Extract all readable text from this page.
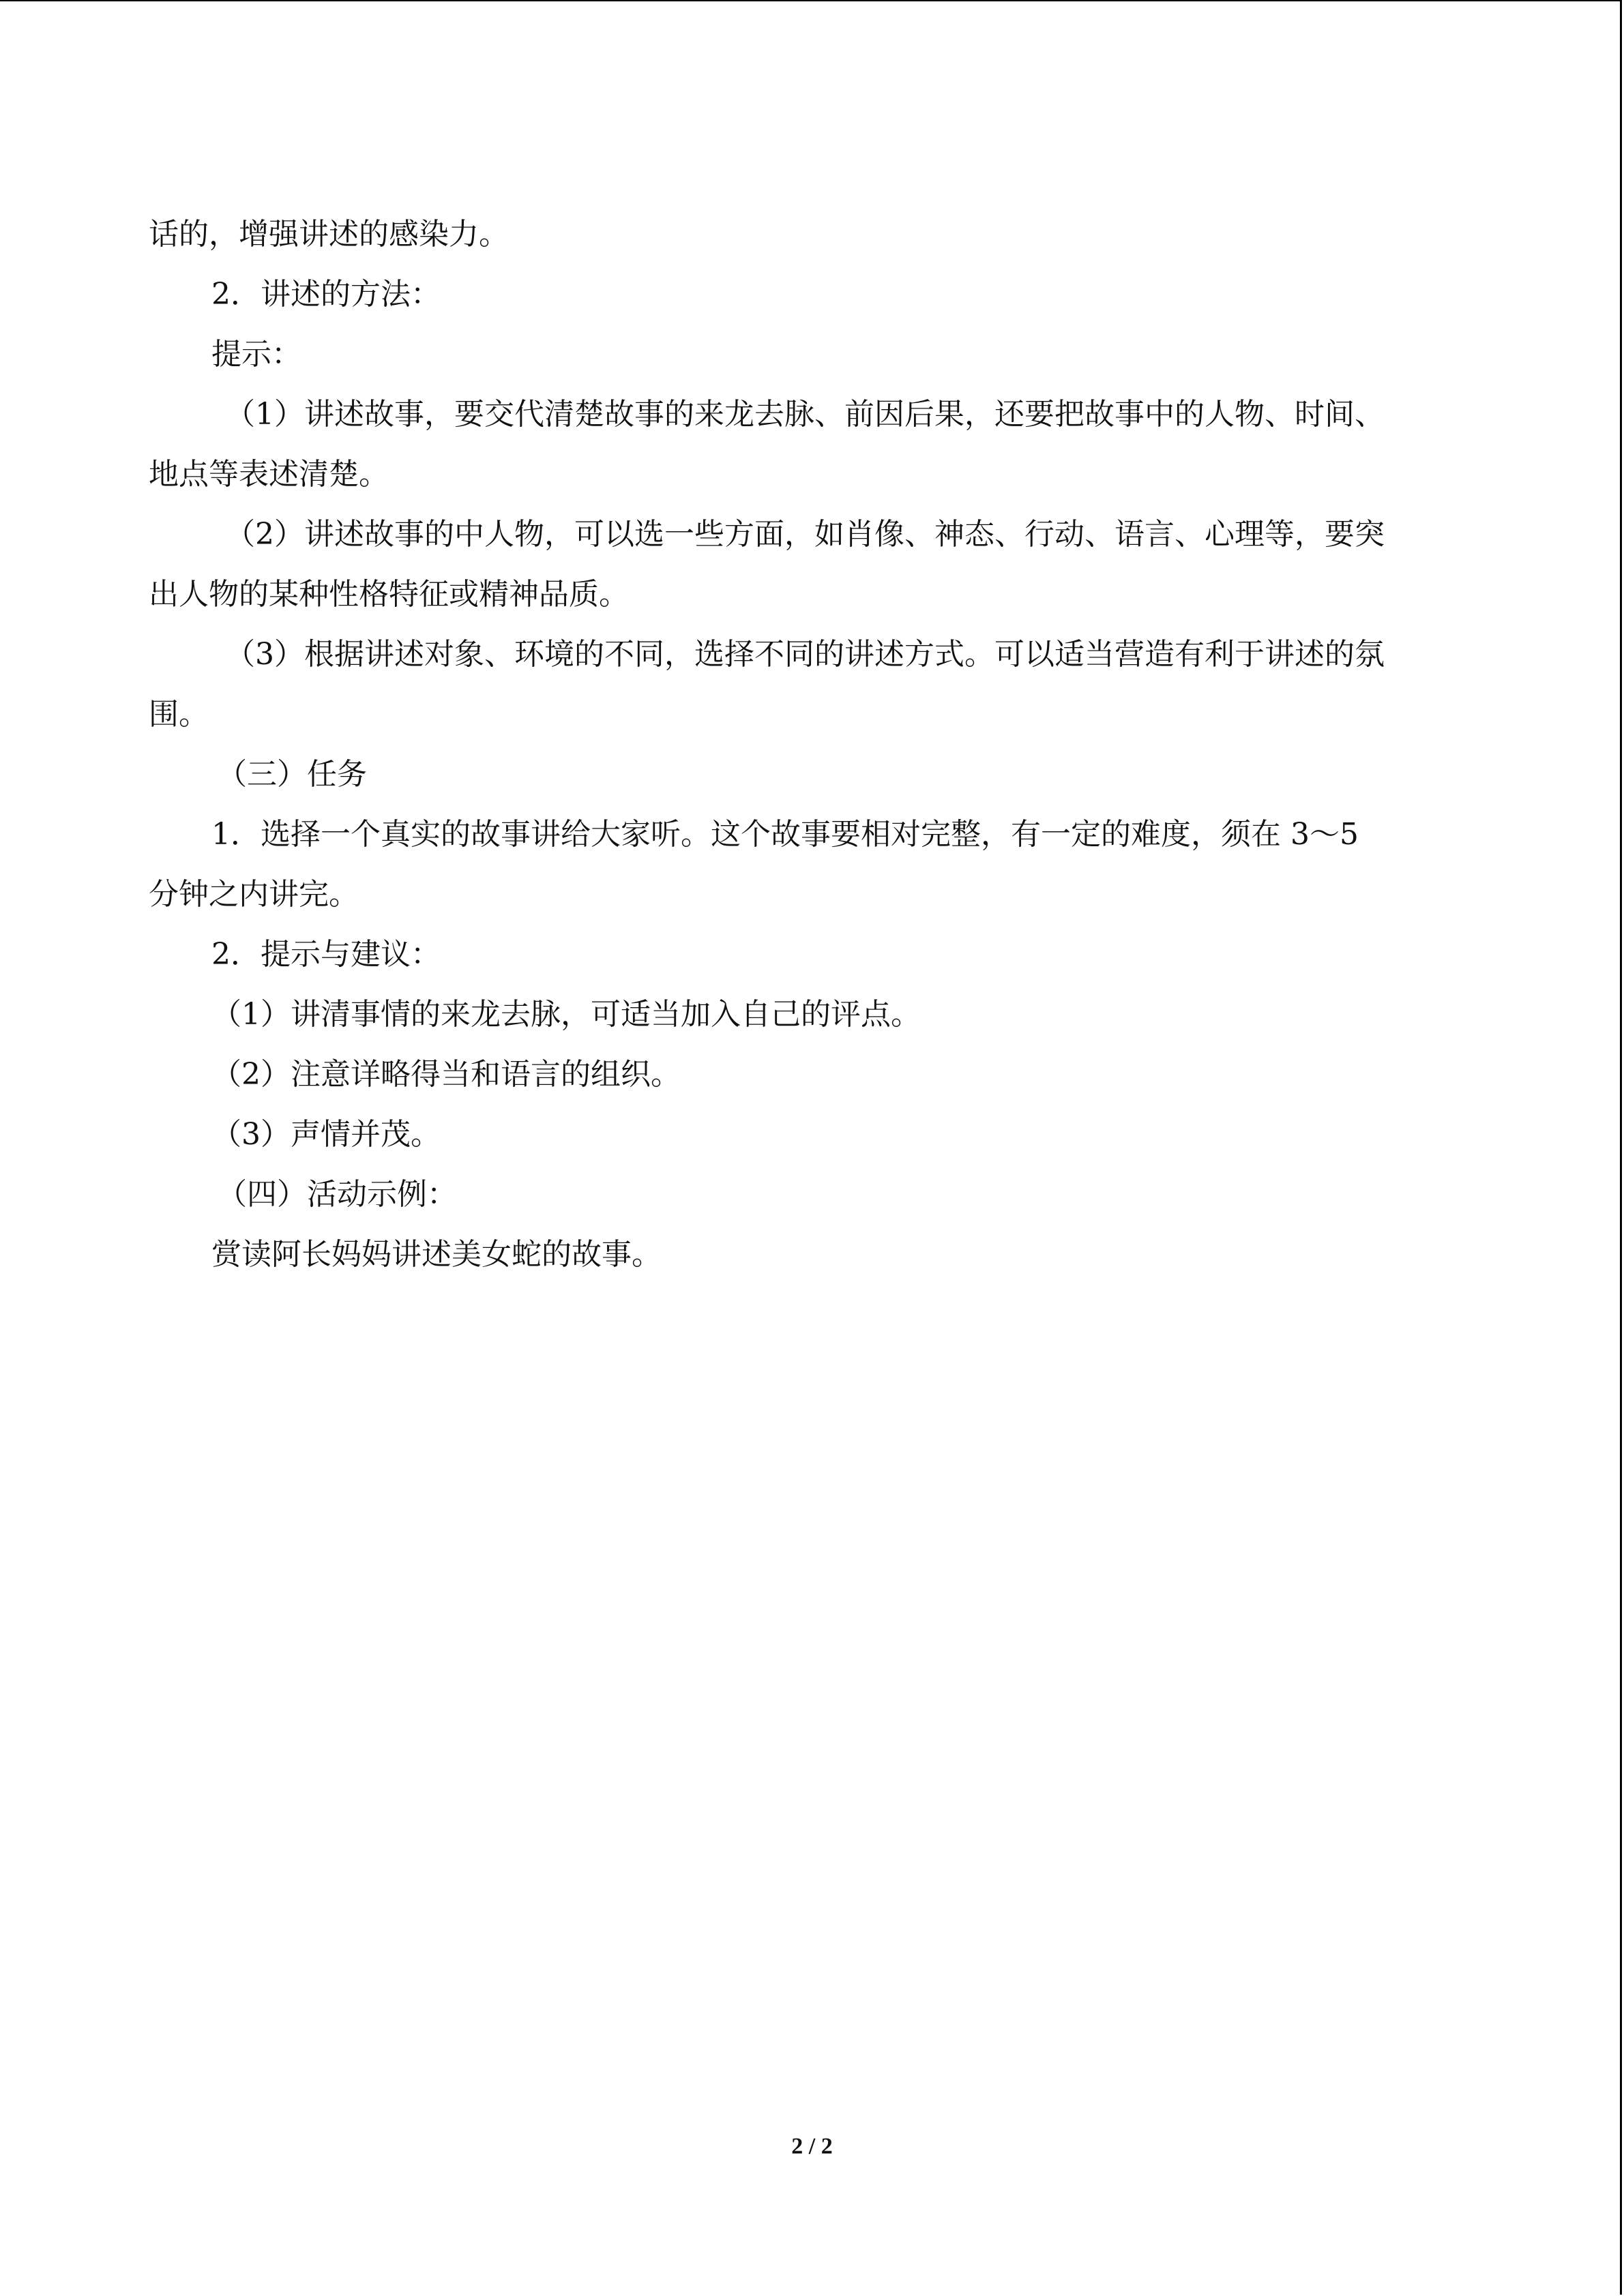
话的，增强讲述的感染力。
2．讲述的方法：
提示：
（1）讲述故事，要交代清楚故事的来龙去脉、前因后果，还要把故事中的人物、时间、
地点等表述清楚。
（2）讲述故事的中人物，可以选一些方面，如肖像、神态、行动、语言、心理等，要突
出人物的某种性格特征或精神品质。
（3）根据讲述对象、环境的不同，选择不同的讲述方式。可以适当营造有利于讲述的氛
围。
（三）任务
1．选择一个真实的故事讲给大家听。这个故事要相对完整，有一定的难度，须在 3～5
分钟之内讲完。
2．提示与建议：
（1）讲清事情的来龙去脉，可适当加入自己的评点。
（2）注意详略得当和语言的组织。
（3）声情并茂。
（四）活动示例：
赏读阿长妈妈讲述美女蛇的故事。
2 / 2
